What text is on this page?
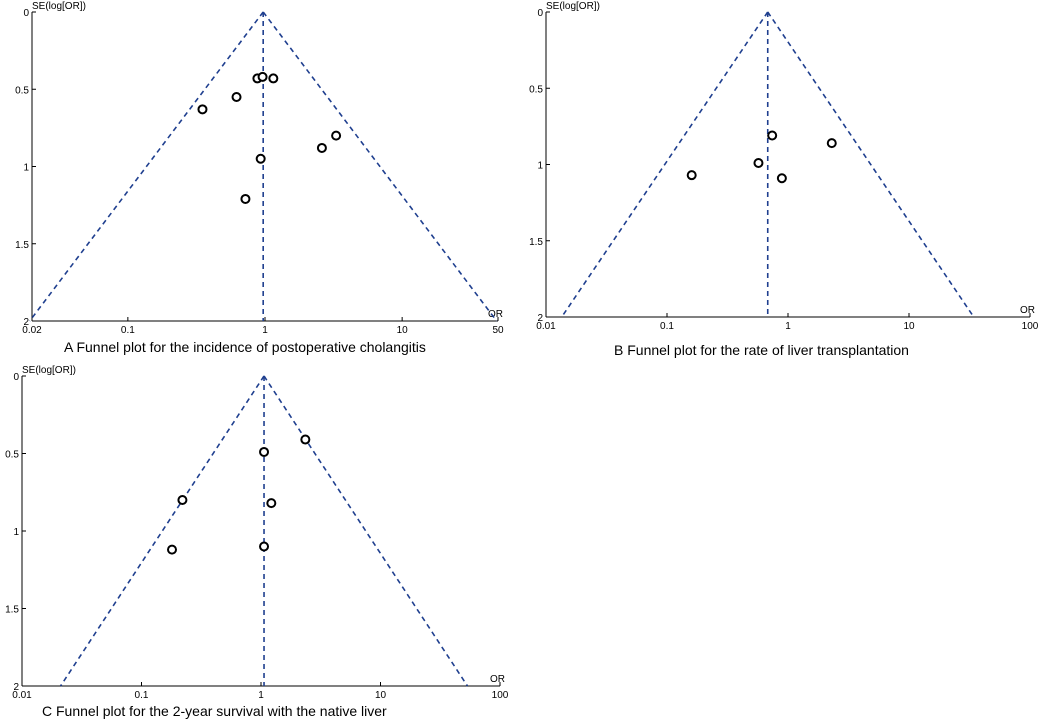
0
0.5
1
1.5
2
0.02	0.1	1	10	50
SE(log[OR])
OR
0
0.5
1
1.5
2
0.01	0.1	1	10	100
SE(log[OR])
OR
0
0.5
1
1.5
2
0.01	0.1	1	10	100
SE(log[OR])
OR
A Funnel plot for the incidence of postoperative cholangitis	B Funnel plot for the rate of liver transplantation
C Funnel plot for the 2-year survival with the native liver
